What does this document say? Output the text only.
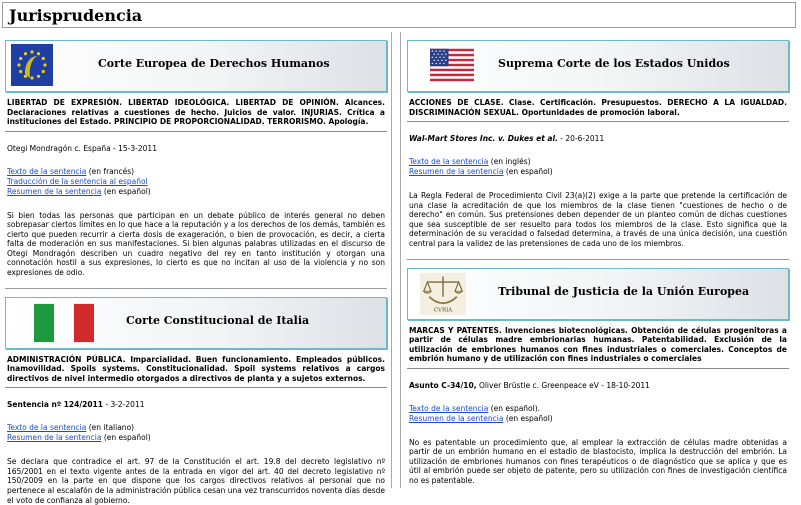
Jurisprudencia
Corte Europea de Derechos Humanos
LIBERTAD DE EXPRESIÓN. LIBERTAD IDEOLÓGICA. LIBERTAD DE OPINIÓN. Alcances. Declaraciones relativas a cuestiones de hecho. Juicios de valor. INJURIAS. Crítica a instituciones del Estado. PRINCIPIO DE PROPORCIONALIDAD. TERRORISMO. Apología.
Otegi Mondragón c. España - 15-3-2011
Texto de la sentencia (en francés)
Traducción de la sentencia al español
Resumen de la sentencia (en español)
Si bien todas las personas que participan en un debate público de interés general no deben sobrepasar ciertos límites en lo que hace a la reputación y a los derechos de los demás, también es cierto que pueden recurrir a cierta dosis de exageración, o bien de provocación, es decir, a cierta falta de moderación en sus manifestaciones. Si bien algunas palabras utilizadas en el discurso de Otegi Mondragón describen un cuadro negativo del rey en tanto institución y otorgan una connotación hostil a sus expresiones, lo cierto es que no incitan al uso de la violencia y no son expresiones de odio.
Corte Constitucional de Italia
ADMINISTRACIÓN PÚBLICA. Imparcialidad. Buen funcionamiento. Empleados públicos. Inamovilidad. Spoils systems. Constitucionalidad. Spoil systems relativos a cargos directivos de nivel intermedio otorgados a directivos de planta y a sujetos externos.
Sentencia nº 124/2011 - 3-2-2011
Texto de la sentencia (en italiano)
Resumen de la sentencia (en español)
Se declara que contradice el art. 97 de la Constitución el art. 19.8 del decreto legislativo nº 165/2001 en el texto vigente antes de la entrada en vigor del art. 40 del decreto legislativo nº 150/2009 en la parte en que dispone que los cargos directivos relativos al personal que no pertenece al escalafón de la administración pública cesan una vez transcurridos noventa días desde el voto de confianza al gobierno.
Suprema Corte de los Estados Unidos
ACCIONES DE CLASE. Clase. Certificación. Presupuestos. DERECHO A LA IGUALDAD. DISCRIMINACIÓN SEXUAL. Oportunidades de promoción laboral.
Wal-Mart Stores Inc. v. Dukes et al. - 20-6-2011
Texto de la sentencia (en inglés)
Resumen de la sentencia (en español)
La Regla Federal de Procedimiento Civil 23(a)(2) exige a la parte que pretende la certificación de una clase la acreditación de que los miembros de la clase tienen "cuestiones de hecho o de derecho" en común. Sus pretensiones deben depender de un planteo común de dichas cuestiones que sea susceptible de ser resuelto para todos los miembros de la clase. Esto significa que la determinación de su veracidad o falsedad determina, a través de una única decisión, una cuestión central para la validez de las pretensiones de cada uno de los miembros.
CVRIA
Tribunal de Justicia de la Unión Europea
MARCAS Y PATENTES. Invenciones biotecnológicas. Obtención de células progenitoras a partir de células madre embrionarias humanas. Patentabilidad. Exclusión de la utilización de embriones humanos con fines industriales o comerciales. Conceptos de embrión humano y de utilización con fines industriales o comerciales
Asunto C-34/10, Oliver Brüstle c. Greenpeace eV - 18-10-2011
Texto de la sentencia (en español).
Resumen de la sentencia (en español)
No es patentable un procedimiento que, al emplear la extracción de células madre obtenidas a partir de un embrión humano en el estadio de blastocisto, implica la destrucción del embrión. La utilización de embriones humanos con fines terapéuticos o de diagnóstico que se aplica y que es útil al embrión puede ser objeto de patente, pero su utilización con fines de investigación científica no es patentable.
